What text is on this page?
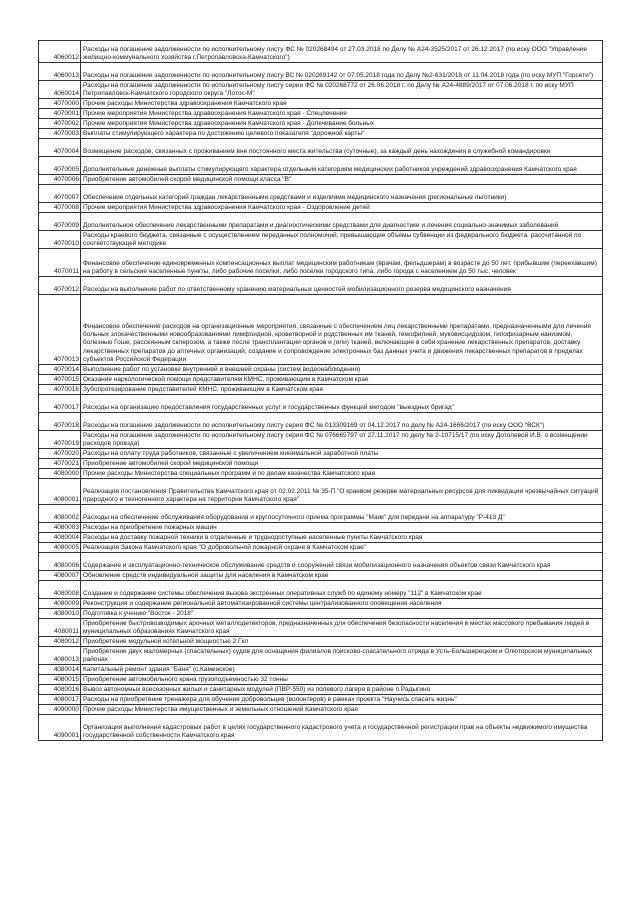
4060012	Расходы на погашение задолженности по исполнительному листу ФС № 020268494 от 27.03.2018 по Делу № А24-3525/2017 от 26.12.2017 (по иску ООО "Управление жилищно-коммунального хозяйства г.Петропавловска-Камчатского")
4060013	Расходы на погашение задолженности по исполнительному листу ВС № 020269142 от 07.05.2018 года по Делу №2-631/2018 от 11.04.2018 года (по иску МУП "Горсети")
4060014	Расходы на погашение задолженности по исполнительному листу серии ФС № 020268772 от 26.06.2018 г. по Делу № А24-4889/2017 от 07.06.2018 г. по иску МУП Петропавловск-Камчатского городского округа "Лотос-М"
4070000	Прочие расходы Министерства здравоохранения Камчатского края
4070001	Прочие мероприятия Министерства здравоохранения Камчатского края - Спецлечение
4070002	Прочие мероприятия Министерства здравоохранения Камчатского края - Долечивание больных
4070003	Выплаты стимулирующего характера по достижению целевого показателя "дорожной карты"
4070004	Возмещение расходов, связанных с проживанием вне постоянного места жительства (суточные), за каждый день нахождения в служебной командировки
4070005	Дополнительные денежные выплаты стимулирующего характера отдельным категориям медицинских работников учреждений здравоохранения Камчатского края
4070006	Приобретение автомобилей скорой медицинской помощи класса "В"
4070007	Обеспечение отдельных категорий граждан лекарственными средствами и изделиями медицинского назначения (региональные льготники)
4070008	Прочие мероприятия Министерства здравоохранения Камчатского края - Оздоровление детей
4070009	Дополнительное обеспечение лекарственными препаратами и диагностическими средствами для диагностики и лечения социально-значимых заболеваний
4070010	Расходы краевого бюджета, связанные с осуществлением переданных полномочий, превышающие объемы субвенции из федерального бюджета, рассчитанной по соответствующей методике
4070011	Финансовое обеспечение единовременных компенсационных выплат медицинским работникам (врачам, фельдшерам) в возрасте до 50 лет, прибывшим (переехавшим) на работу в сельские населенные пункты, либо рабочие поселки, либо поселки городского типа, либо города с населением до 50 тыс. человек
4070012	Расходы на выполнение работ по ответственному хранению материальных ценностей мобилизационного резерва медицинского назначения
4070013	Финансовое обеспечение расходов на организационные мероприятия, связанные с обеспечением лиц лекарственными препаратами, предназначенными для лечения больных злокачественными новообразованиями лимфоидной, кроветворной и родственных им тканей, гемофилией, муковисцидозом, гипофизарным нанизмом, болезнью Гоше, рассеянным склерозом, а также после трансплантации органов и (или) тканей, включающие в себя хранение лекарственных препаратов, доставку лекарственных препаратов до аптечных организаций, создание и сопровождение электронных баз данных учета и движения лекарственных препаратов в пределах субъектов Российской Федерации
4070014	Выполнение работ по установке внутренней и внешней охраны (систем видеонаблюдения)
4070015	Оказание наркологической помощи представителям КМНС, проживающим в Камчатском крае
4070016	Зубопротезирование представителей КМНС, проживающим в Камчатском крае
4070017	Расходы на организацию предоставления государственных услуг и государственных функций методом "выездных бригад"
4070018	Расходы на погашение задолженности по исполнительному листу серия ФС № 013309169 от 04.12.2017 по делу № А24-1666/2017 (по иску ООО "ВСК")
4070019	Расходы на погашение задолженности по исполнительному листу серия ФС № 076665797 от 27.11.2017 по делу № 2-10715/17 (по иску Дотолевой И.В. о возмещении расходов проезда)
4070020	Расходы на оплату труда работников, связанные с увеличением минимальной заработной платы
4070021	Приобретение автомобилей скорой медицинской помощи
4080000	Прочие расходы Министерства специальных программ и по делам казачества Камчатского края
4080001	Реализация постановления Правительства Камчатского края от 02.02.2011 № 35-П "О краевом резерве материальных ресурсов для ликвидации чрезвычайных ситуаций природного и техногенного характера на территории Камчатского края"
4080002	Расходы на обеспечение обслуживания оборудования и круглосуточного приема программы "Маяк" для передачи на аппаратуру "Р-413 Д"
4080003	Расходы на приобретение пожарных машин
4080004	Расходы на доставку пожарной техники в отдаленные и труднодоступные населенные пункты Камчатского края
4080005	Реализация Закона Камчатского края "О добровольной пожарной охране в Камчатском крае"
4080006	Содержание и эксплуатационно-техническое обслуживание средств и сооружений связи мобилизационного назначения объектов связи Камчатского края
4080007	Обновление средств индивидуальной защиты для населения в Камчатском крае
4080008	Создание и содержание системы обеспечения вызова экстренных оперативных служб по единому номеру "112" в Камчатском крае
4080009	Реконструкция и содержание региональной автоматизированной системы централизованного оповещения населения
4080010	Подготовка к учению "Восток - 2018"
4080011	Приобретение быстровозводимых арочных металлодетекторов, предназначенных для обеспечения безопасности населения в местах массового пребывания людей в муниципальных образованиях Камчатского края
4080012	Приобретение модульной котельной мощностью 2 Гкл
4080013	Приобретение двух маломерных (спасательных) судов для оснащения филиалов поисково-спасательного отряда в Усть-Большерецком и Олюторском муниципальных районах
4080014	Капитальный ремонт здания "Баня" (с.Каменское)
4080015	Приобретение автомобильного крана грузоподъемностью 32 тонны
4080016	Вывоз автономных всесезонных жилых и санитарных модулей (ПВР-550) из полевого лагеря в районе п.Радыгино
4080017	Расходы на приобретение тренажера для обучения добровольцев (волонтеров) в рамках проекта "Научись спасать жизнь"
4090000	Прочие расходы Министерства имущественных и земельных отношений Камчатского края
4090001	Организация выполнения кадастровых работ в целях государственного кадастрового учета и государственной регистрации прав на объекты недвижимого имущества государственной собственности Камчатского края
